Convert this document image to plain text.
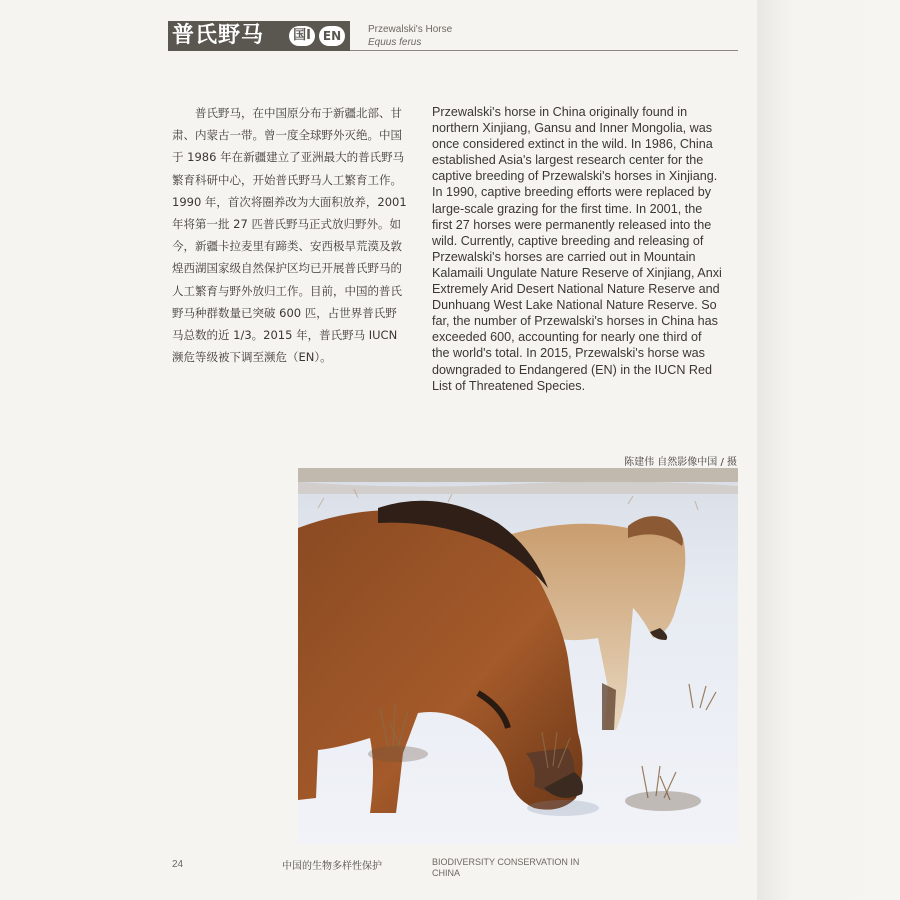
普氏野马	国I EN	Przewalski's Horse
Equus ferus

普氏野马，在中国原分布于新疆北部、甘肃、内蒙古一带。曾一度全球野外灭绝。中国于 1986 年在新疆建立了亚洲最大的普氏野马繁育科研中心，开始普氏野马人工繁育工作。1990 年，首次将圈养改为大面积放养，2001 年将第一批 27 匹普氏野马正式放归野外。如今，新疆卡拉麦里有蹄类、安西极旱荒漠及敦煌西湖国家级自然保护区均已开展普氏野马的人工繁育与野外放归工作。目前，中国的普氏野马种群数量已突破 600 匹，占世界普氏野马总数的近 1/3。2015 年，普氏野马 IUCN 濒危等级被下调至濒危（EN）。

Przewalski's horse in China originally found in northern Xinjiang, Gansu and Inner Mongolia, was once considered extinct in the wild. In 1986, China established Asia's largest research center for the captive breeding of Przewalski's horses in Xinjiang. In 1990, captive breeding efforts were replaced by large-scale grazing for the first time. In 2001, the first 27 horses were permanently released into the wild. Currently, captive breeding and releasing of Przewalski's horses are carried out in Mountain Kalamaili Ungulate Nature Reserve of Xinjiang, Anxi Extremely Arid Desert National Nature Reserve and Dunhuang West Lake National Nature Reserve. So far, the number of Przewalski's horses in China has exceeded 600, accounting for nearly one third of the world's total. In 2015, Przewalski's horse was downgraded to Endangered (EN) in the IUCN Red List of Threatened Species.

陈建伟 自然影像中国 / 摄
24	中国的生物多样性保护	BIODIVERSITY CONSERVATION IN CHINA
